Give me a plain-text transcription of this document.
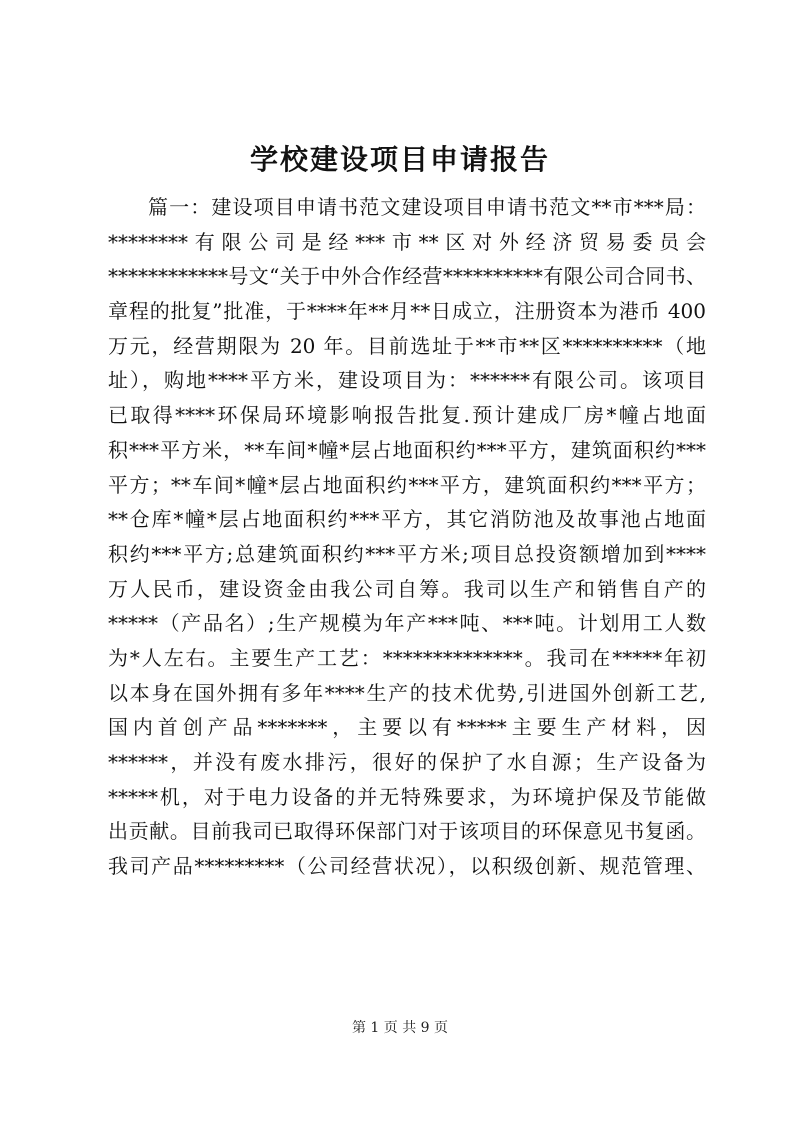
学校建设项目申请报告
篇一：建设项目申请书范文建设项目申请书范文**市***局：
********有限公司是经***市**区对外经济贸易委员会
************号文“关于中外合作经营**********有限公司合同书、
章程的批复”批准，于****年**月**日成立，注册资本为港币 400
万元，经营期限为 20 年。目前选址于**市**区**********（地
址），购地****平方米，建设项目为：******有限公司。该项目
已取得****环保局环境影响报告批复.预计建成厂房*幢占地面
积***平方米，**车间*幢*层占地面积约***平方，建筑面积约***
平方；**车间*幢*层占地面积约***平方，建筑面积约***平方；
**仓库*幢*层占地面积约***平方，其它消防池及故事池占地面
积约***平方;总建筑面积约***平方米;项目总投资额增加到****
万人民币，建设资金由我公司自筹。我司以生产和销售自产的
*****（产品名）;生产规模为年产***吨、***吨。计划用工人数
为*人左右。主要生产工艺：**************。我司在*****年初
以本身在国外拥有多年****生产的技术优势,引进国外创新工艺,
国内首创产品*******，主要以有*****主要生产材料，因
******，并没有废水排污，很好的保护了水自源；生产设备为
*****机，对于电力设备的并无特殊要求，为环境护保及节能做
出贡献。目前我司已取得环保部门对于该项目的环保意见书复函。
我司产品*********（公司经营状况），以积级创新、规范管理、
第 1 页 共 9 页
